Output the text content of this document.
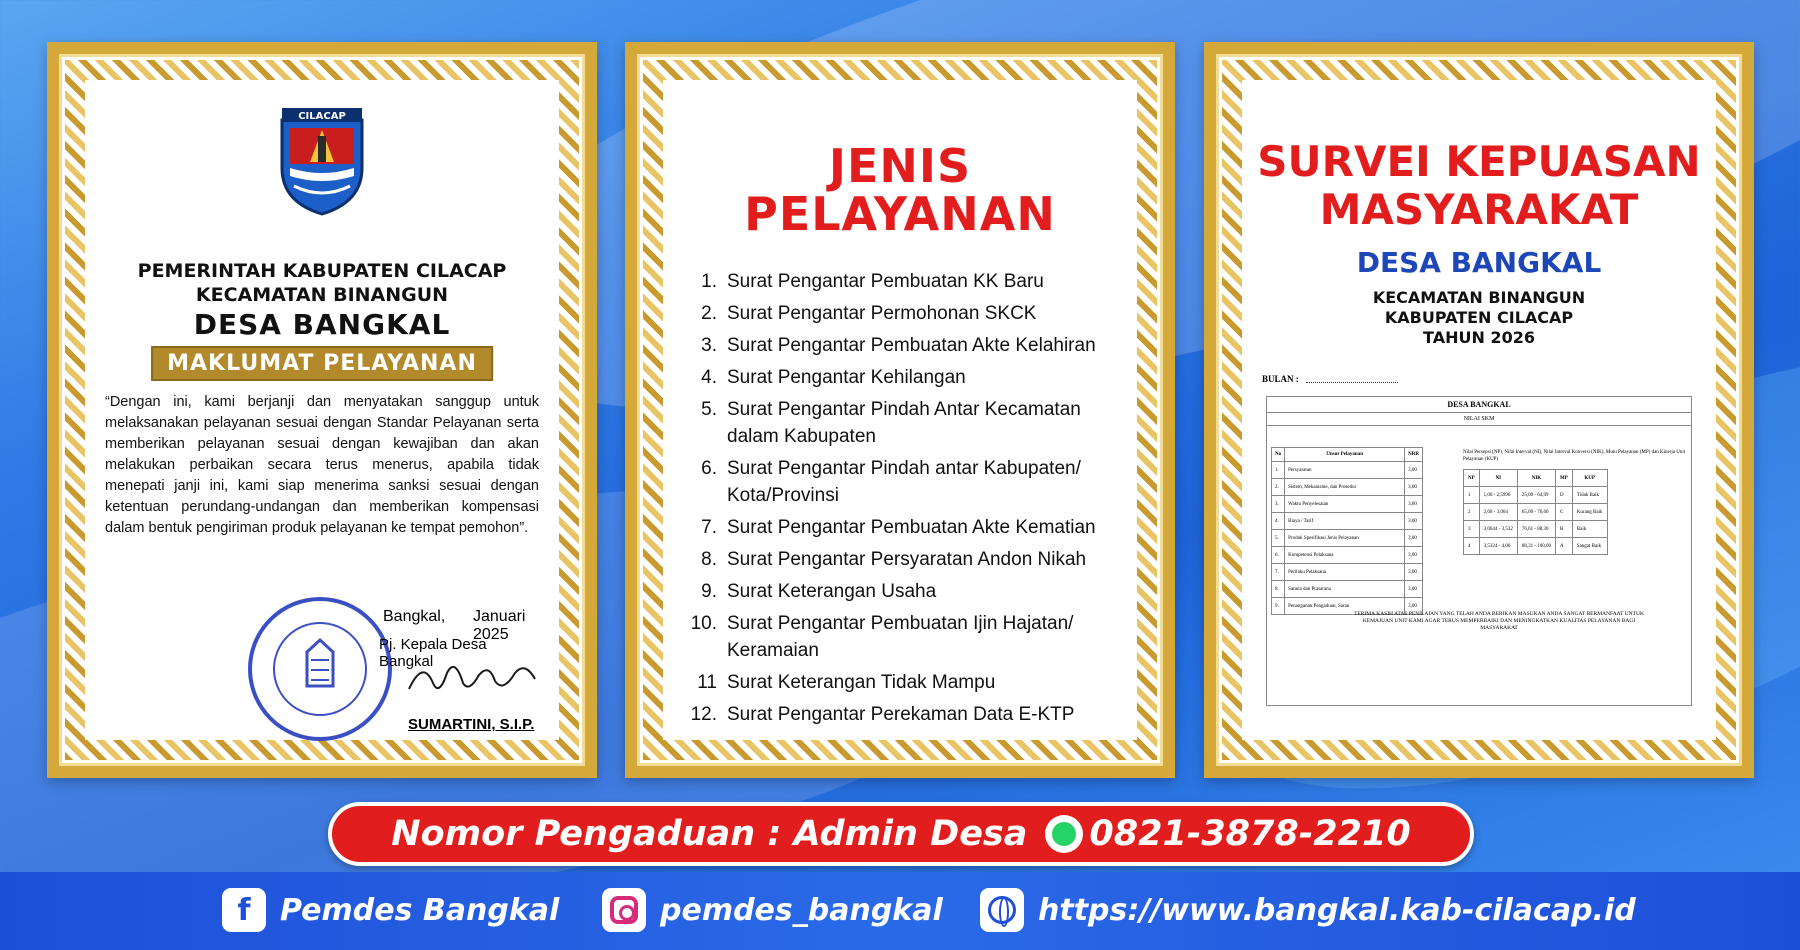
CILACAP
PEMERINTAH KABUPATEN CILACAP
KECAMATAN BINANGUN
DESA BANGKAL
MAKLUMAT PELAYANAN
“Dengan ini, kami berjanji dan menyatakan sanggup untuk melaksanakan pelayanan sesuai dengan Standar Pelayanan serta memberikan pelayanan sesuai dengan kewajiban dan akan melakukan perbaikan secara terus menerus, apabila tidak menepati janji ini, kami siap menerima sanksi sesuai dengan ketentuan perundang-undangan dan memberikan kompensasi dalam bentuk pengiriman produk pelayanan ke tempat pemohon”.
Bangkal, Januari 2025
Pj. Kepala Desa Bangkal
SUMARTINI, S.I.P.
JENIS
PELAYANAN
1. Surat Pengantar Pembuatan KK Baru
2. Surat Pengantar Permohonan SKCK
3. Surat Pengantar Pembuatan Akte Kelahiran
4. Surat Pengantar Kehilangan
5. Surat Pengantar Pindah Antar Kecamatan dalam Kabupaten
6. Surat Pengantar Pindah antar Kabupaten/ Kota/Provinsi
7. Surat Pengantar Pembuatan Akte Kematian
8. Surat Pengantar Persyaratan Andon Nikah
9. Surat Keterangan Usaha
10. Surat Pengantar Pembuatan Ijin Hajatan/ Keramaian
11 Surat Keterangan Tidak Mampu
12. Surat Pengantar Perekaman Data E-KTP
SURVEI KEPUASAN
MASYARAKAT
DESA BANGKAL
KECAMATAN BINANGUN
KABUPATEN CILACAP
TAHUN 2026
BULAN :
DESA BANGKAL
NILAI SKM
No	Unsur Pelayanan	NRR
1.	Persyaratan	3,00
2.	Sistem, Mekanisme, dan Prosedur	3,00
3.	Waktu Penyelesaian	3,00
4.	Biaya / Tarif	3,00
5.	Produk Spesifikasi Jenis Pelayanan	3,00
6.	Kompetensi Pelaksana	3,00
7.	Perilaku Pelaksana	3,00
8.	Sarana dan Prasarana	3,00
9.	Penanganan Pengaduan, Saran	3,00
Nilai Persepsi (NP), Nilai Interval (NI), Nilai Interval Konversi (NIK), Mutu Pelayanan (MP) dan Kinerja Unit Pelayanan (KUP)
NP	NI	NIK	MP	KUP
1	1,00 - 2,5996	25,00 - 64,99	D	Tidak Baik
2	2,60 - 3,064	65,00 - 76,60	C	Kurang Baik
3	3,0644 - 3,532	76,61 - 88,30	B	Baik
4	3,5324 - 4,00	88,31 - 100,00	A	Sangat Baik
TERIMA KASIH ATAS PENILAIAN YANG TELAH ANDA BERIKAN MASUKAN ANDA SANGAT BERMANFAAT UNTUK KEMAJUAN UNIT KAMI AGAR TERUS MEMPERBAIKI DAN MENINGKATKAN KUALITAS PELAYANAN BAGI MASYARAKAT
Nomor Pengaduan : Admin Desa 0821-3878-2210
f Pemdes Bangkal	pemdes_bangkal	https://www.bangkal.kab-cilacap.id
